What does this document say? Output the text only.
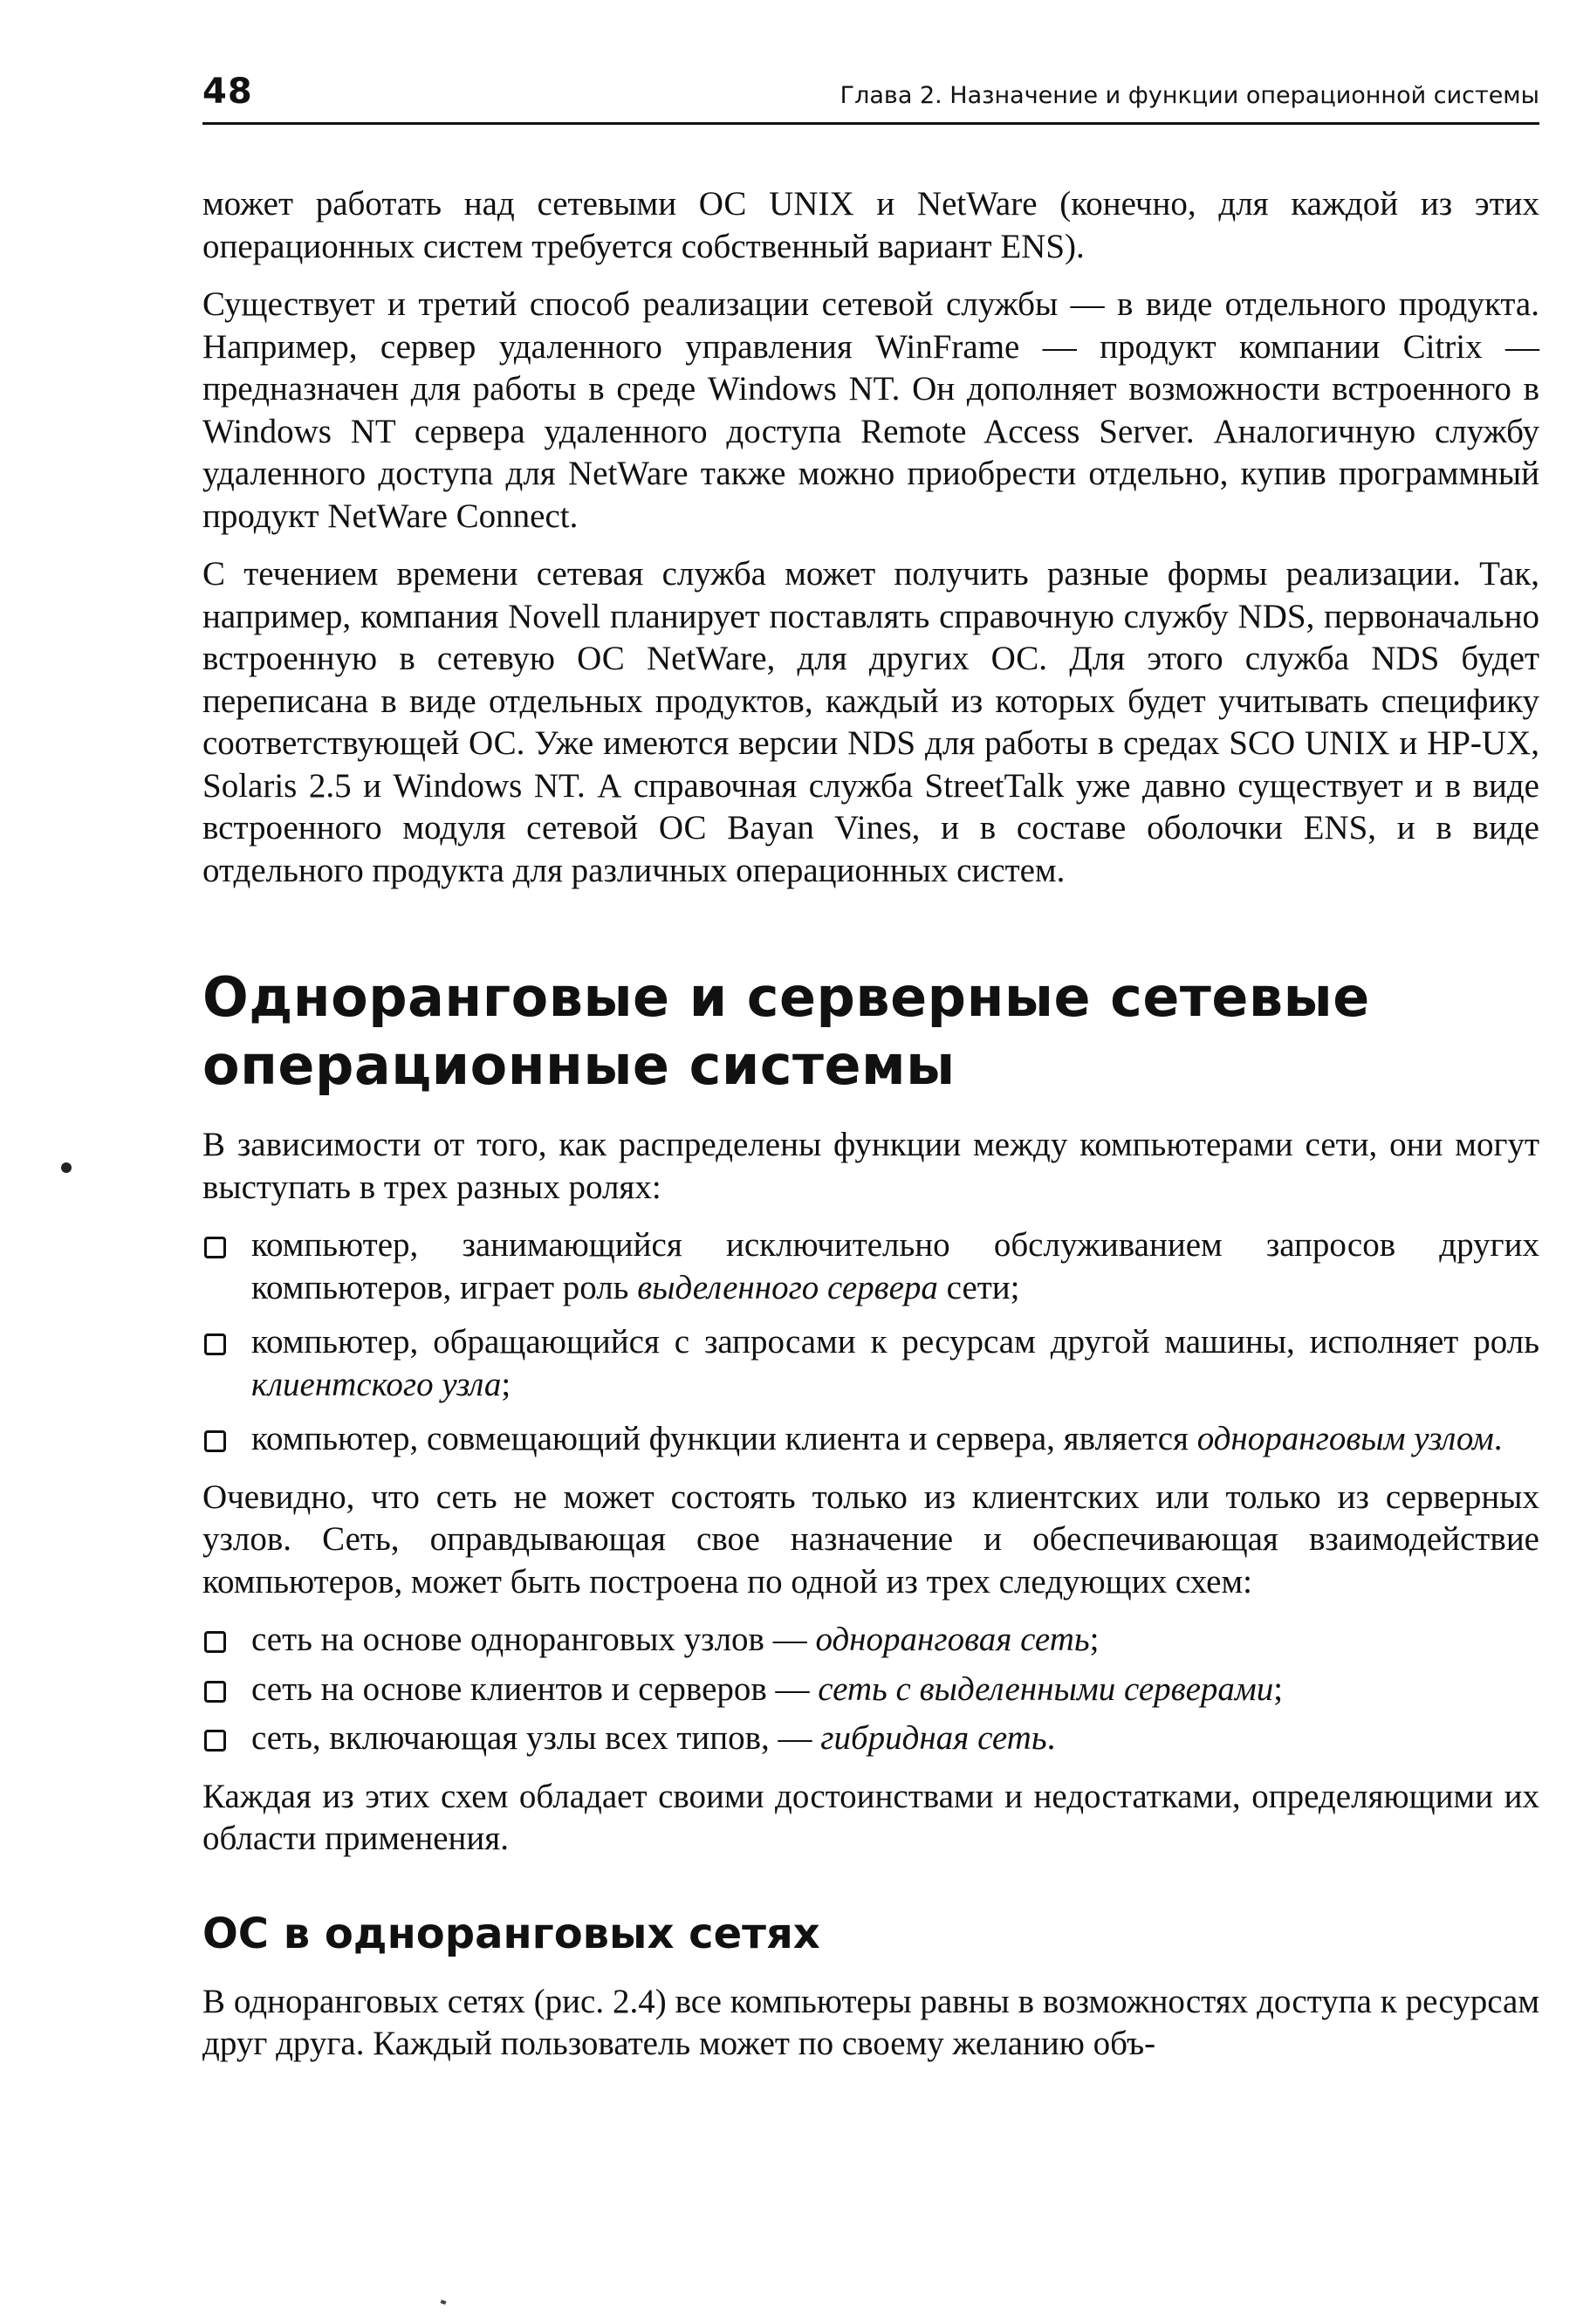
48	Глава 2. Назначение и функции операционной системы

может работать над сетевыми ОС UNIX и NetWare (конечно, для каждой из этих операционных систем требуется собственный вариант ENS).

Существует и третий способ реализации сетевой службы — в виде отдельного продукта. Например, сервер удаленного управления WinFrame — продукт компании Citrix — предназначен для работы в среде Windows NT. Он дополняет возможности встроенного в Windows NT сервера удаленного доступа Remote Access Server. Аналогичную службу удаленного доступа для NetWare также можно приобрести отдельно, купив программный продукт NetWare Connect.

С течением времени сетевая служба может получить разные формы реализации. Так, например, компания Novell планирует поставлять справочную службу NDS, первоначально встроенную в сетевую ОС NetWare, для других ОС. Для этого служба NDS будет переписана в виде отдельных продуктов, каждый из которых будет учитывать специфику соответствующей ОС. Уже имеются версии NDS для работы в средах SCO UNIX и HP-UX, Solaris 2.5 и Windows NT. А справочная служба StreetTalk уже давно существует и в виде встроенного модуля сетевой ОС Bayan Vines, и в составе оболочки ENS, и в виде отдельного продукта для различных операционных систем.

Одноранговые и серверные сетевые операционные системы

В зависимости от того, как распределены функции между компьютерами сети, они могут выступать в трех разных ролях:

компьютер, занимающийся исключительно обслуживанием запросов других компьютеров, играет роль выделенного сервера сети;
компьютер, обращающийся с запросами к ресурсам другой машины, исполняет роль клиентского узла;
компьютер, совмещающий функции клиента и сервера, является одноранговым узлом.

Очевидно, что сеть не может состоять только из клиентских или только из серверных узлов. Сеть, оправдывающая свое назначение и обеспечивающая взаимодействие компьютеров, может быть построена по одной из трех следующих схем:

сеть на основе одноранговых узлов — одноранговая сеть;
сеть на основе клиентов и серверов — сеть с выделенными серверами;
сеть, включающая узлы всех типов, — гибридная сеть.

Каждая из этих схем обладает своими достоинствами и недостатками, определяющими их области применения.

ОС в одноранговых сетях

В одноранговых сетях (рис. 2.4) все компьютеры равны в возможностях доступа к ресурсам друг друга. Каждый пользователь может по своему желанию объ-
